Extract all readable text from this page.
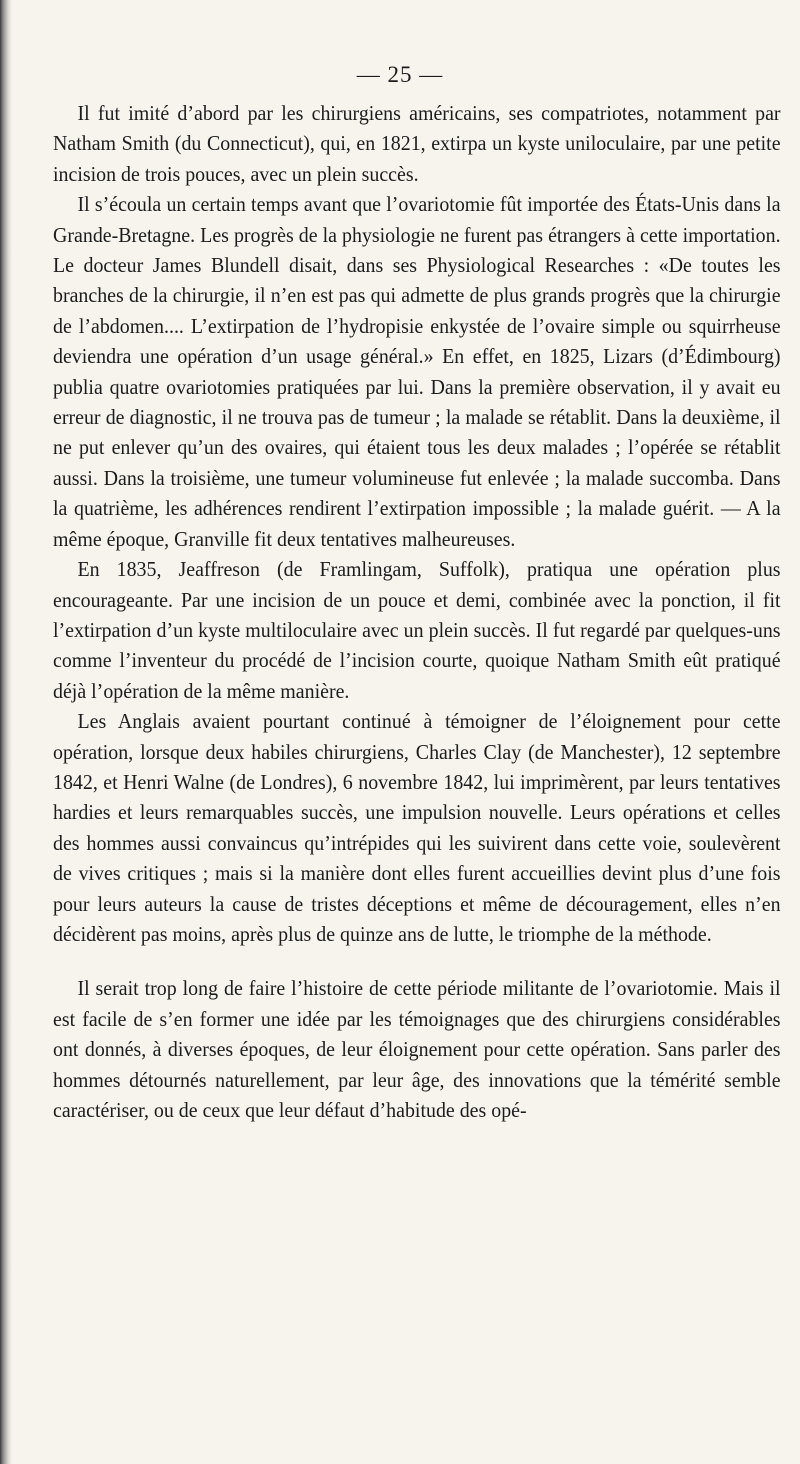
— 25 —

Il fut imité d’abord par les chirurgiens américains, ses compatriotes, notamment par Natham Smith (du Connecticut), qui, en 1821, extirpa un kyste uniloculaire, par une petite incision de trois pouces, avec un plein succès.

Il s’écoula un certain temps avant que l’ovariotomie fût importée des États-Unis dans la Grande-Bretagne. Les progrès de la physiologie ne furent pas étrangers à cette importation. Le docteur James Blundell disait, dans ses Physiological Researches : «De toutes les branches de la chirurgie, il n’en est pas qui admette de plus grands progrès que la chirurgie de l’abdomen.... L’extirpation de l’hydropisie enkystée de l’ovaire simple ou squirrheuse deviendra une opération d’un usage général.» En effet, en 1825, Lizars (d’Édimbourg) publia quatre ovariotomies pratiquées par lui. Dans la première observation, il y avait eu erreur de diagnostic, il ne trouva pas de tumeur ; la malade se rétablit. Dans la deuxième, il ne put enlever qu’un des ovaires, qui étaient tous les deux malades ; l’opérée se rétablit aussi. Dans la troisième, une tumeur volumineuse fut enlevée ; la malade succomba. Dans la quatrième, les adhérences rendirent l’extirpation impossible ; la malade guérit. — A la même époque, Granville fit deux tentatives malheureuses.

En 1835, Jeaffreson (de Framlingam, Suffolk), pratiqua une opération plus encourageante. Par une incision de un pouce et demi, combinée avec la ponction, il fit l’extirpation d’un kyste multiloculaire avec un plein succès. Il fut regardé par quelques-uns comme l’inventeur du procédé de l’incision courte, quoique Natham Smith eût pratiqué déjà l’opération de la même manière.

Les Anglais avaient pourtant continué à témoigner de l’éloignement pour cette opération, lorsque deux habiles chirurgiens, Charles Clay (de Manchester), 12 septembre 1842, et Henri Walne (de Londres), 6 novembre 1842, lui imprimèrent, par leurs tentatives hardies et leurs remarquables succès, une impulsion nouvelle. Leurs opérations et celles des hommes aussi convaincus qu’intrépides qui les suivirent dans cette voie, soulevèrent de vives critiques ; mais si la manière dont elles furent accueillies devint plus d’une fois pour leurs auteurs la cause de tristes déceptions et même de découragement, elles n’en décidèrent pas moins, après plus de quinze ans de lutte, le triomphe de la méthode.

Il serait trop long de faire l’histoire de cette période militante de l’ovariotomie. Mais il est facile de s’en former une idée par les témoignages que des chirurgiens considérables ont donnés, à diverses époques, de leur éloignement pour cette opération. Sans parler des hommes détournés naturellement, par leur âge, des innovations que la témérité semble caractériser, ou de ceux que leur défaut d’habitude des opé-
